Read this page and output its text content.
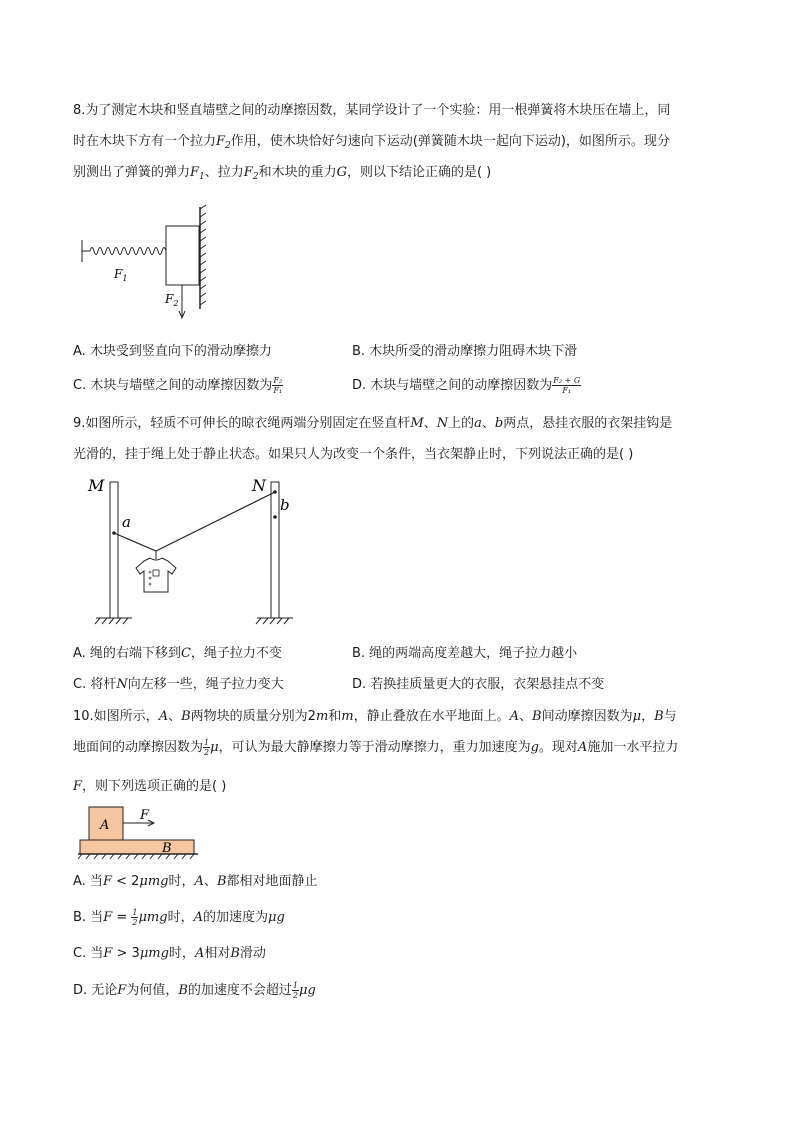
8.为了测定木块和竖直墙壁之间的动摩擦因数，某同学设计了一个实验：用一根弹簧将木块压在墙上，同
时在木块下方有一个拉力$F_2$作用，使木块恰好匀速向下运动(弹簧随木块一起向下运动)，如图所示。现分
别测出了弹簧的弹力$F_1$、拉力$F_2$和木块的重力G，则以下结论正确的是( )
$F_1$
$F_2$
A. 木块受到竖直向下的滑动摩擦力	B. 木块所受的滑动摩擦力阻碍木块下滑
C. 木块与墙壁之间的动摩擦因数为 $\frac{\text{F₂}}{\text{F₁}}$	D. 木块与墙壁之间的动摩擦因数为 $\frac{\text{F₂ + G}}{\text{F₁}}$
9.如图所示，轻质不可伸长的晾衣绳两端分别固定在竖直杆M、N上的a、b两点，悬挂衣服的衣架挂钩是
光滑的，挂于绳上处于静止状态。如果只人为改变一个条件，当衣架静止时，下列说法正确的是( )
M	N
a
b
A. 绳的右端下移到C，绳子拉力不变	B. 绳的两端高度差越大，绳子拉力越小
C. 将杆N向左移一些，绳子拉力变大	D. 若换挂质量更大的衣服，衣架悬挂点不变
10.如图所示，A、B两物块的质量分别为2m和m，静止叠放在水平地面上。A、B间动摩擦因数为μ，B与
地面间的动摩擦因数为 $\frac{1}{2}$ μ，可认为最大静摩擦力等于滑动摩擦力，重力加速度为g。现对A施加一水平拉力
F，则下列选项正确的是( )
A
B
F
A. 当F < 2μmg时，A、B都相对地面静止
B. 当$F = \frac{1}{2}$ μmg时，A的加速度为μg
C. 当F > 3μmg时，A相对B滑动
D. 无论F为何值，B的加速度不会超过 $\frac{1}{2}$ μg
